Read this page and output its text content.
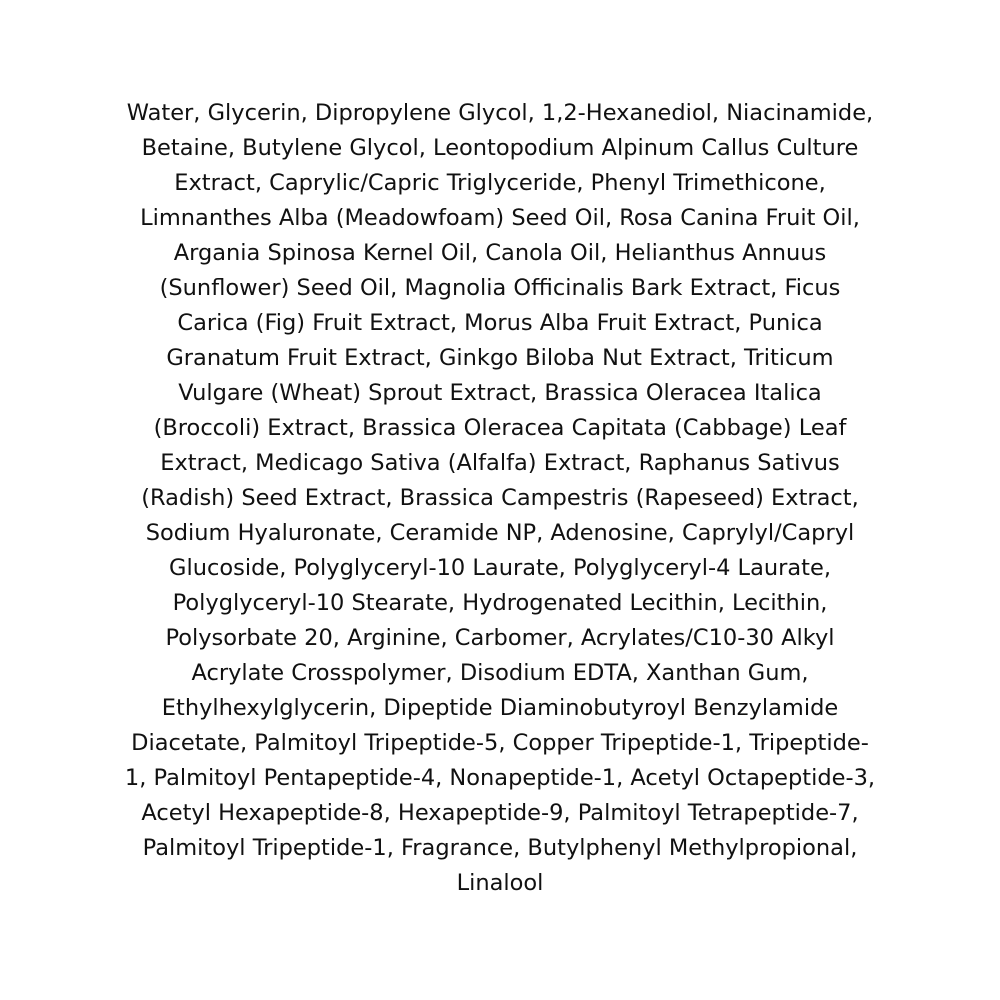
Water, Glycerin, Dipropylene Glycol, 1,2-Hexanediol, Niacinamide,
Betaine, Butylene Glycol, Leontopodium Alpinum Callus Culture
Extract, Caprylic/Capric Triglyceride, Phenyl Trimethicone,
Limnanthes Alba (Meadowfoam) Seed Oil, Rosa Canina Fruit Oil,
Argania Spinosa Kernel Oil, Canola Oil, Helianthus Annuus
(Sunflower) Seed Oil, Magnolia Officinalis Bark Extract, Ficus
Carica (Fig) Fruit Extract, Morus Alba Fruit Extract, Punica
Granatum Fruit Extract, Ginkgo Biloba Nut Extract, Triticum
Vulgare (Wheat) Sprout Extract, Brassica Oleracea Italica
(Broccoli) Extract, Brassica Oleracea Capitata (Cabbage) Leaf
Extract, Medicago Sativa (Alfalfa) Extract, Raphanus Sativus
(Radish) Seed Extract, Brassica Campestris (Rapeseed) Extract,
Sodium Hyaluronate, Ceramide NP, Adenosine, Caprylyl/Capryl
Glucoside, Polyglyceryl-10 Laurate, Polyglyceryl-4 Laurate,
Polyglyceryl-10 Stearate, Hydrogenated Lecithin, Lecithin,
Polysorbate 20, Arginine, Carbomer, Acrylates/C10-30 Alkyl
Acrylate Crosspolymer, Disodium EDTA, Xanthan Gum,
Ethylhexylglycerin, Dipeptide Diaminobutyroyl Benzylamide
Diacetate, Palmitoyl Tripeptide-5, Copper Tripeptide-1, Tripeptide-
1, Palmitoyl Pentapeptide-4, Nonapeptide-1, Acetyl Octapeptide-3,
Acetyl Hexapeptide-8, Hexapeptide-9, Palmitoyl Tetrapeptide-7,
Palmitoyl Tripeptide-1, Fragrance, Butylphenyl Methylpropional,
Linalool
